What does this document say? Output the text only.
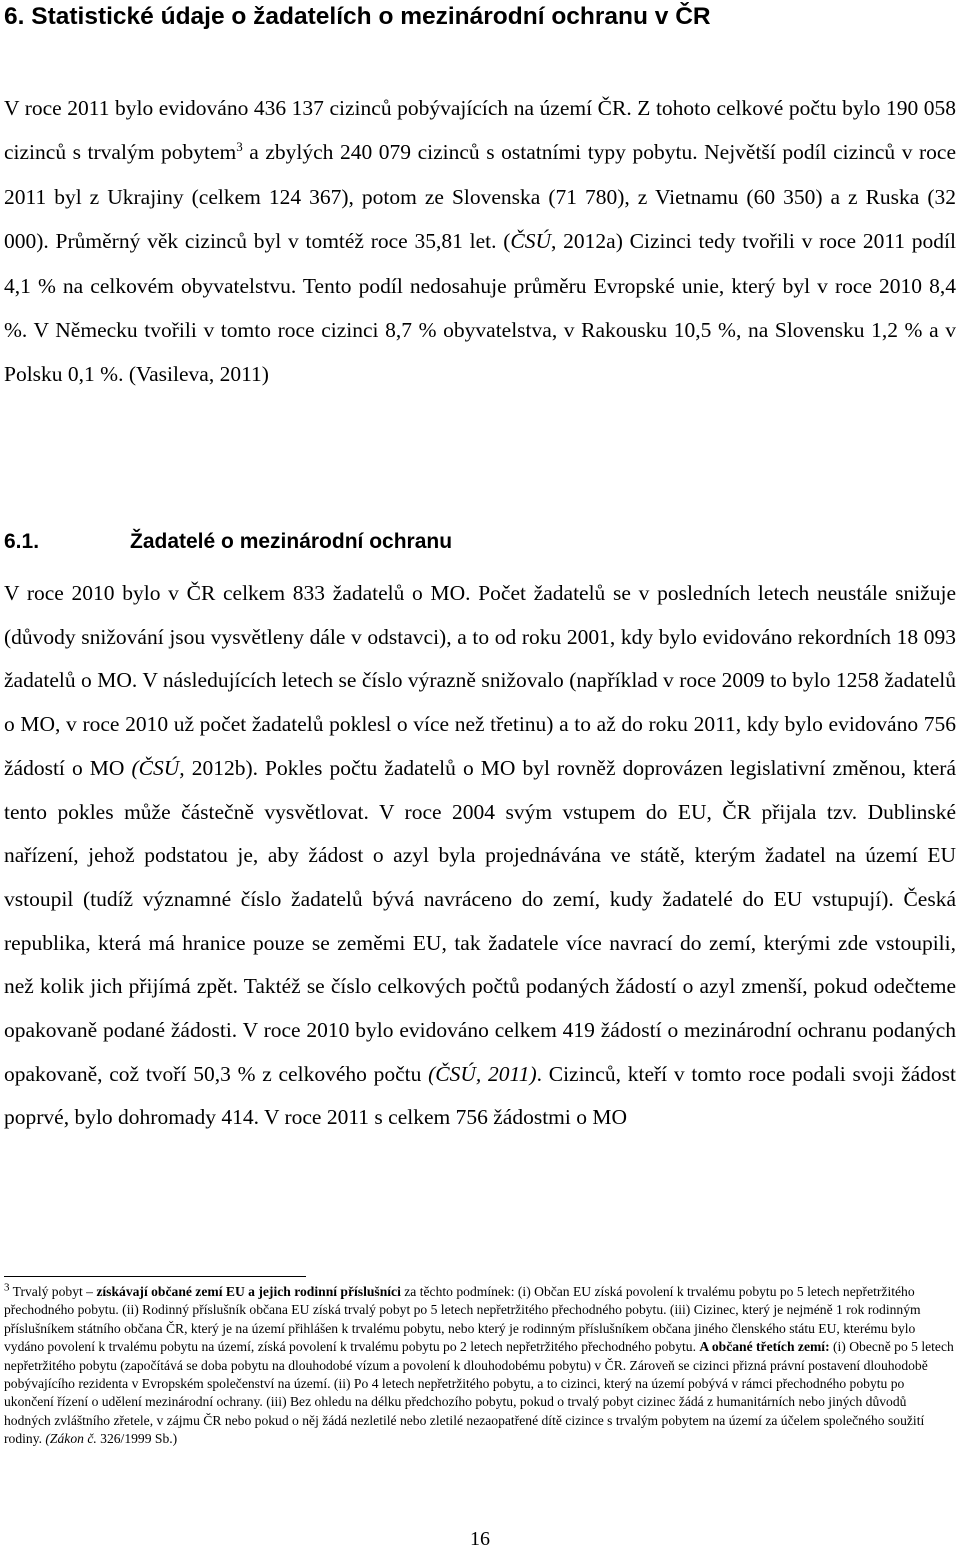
6. Statistické údaje o žadatelích o mezinárodní ochranu v ČR
V roce 2011 bylo evidováno 436 137 cizinců pobývajících na území ČR. Z tohoto celkové počtu bylo 190 058 cizinců s trvalým pobytem$^3$ a zbylých 240 079 cizinců s ostatními typy pobytu. Největší podíl cizinců v roce 2011 byl z Ukrajiny (celkem 124 367), potom ze Slovenska (71 780), z Vietnamu (60 350) a z Ruska (32 000). Průměrný věk cizinců byl v tomtéž roce 35,81 let. (ČSÚ, 2012a) Cizinci tedy tvořili v roce 2011 podíl 4,1 % na celkovém obyvatelstvu. Tento podíl nedosahuje průměru Evropské unie, který byl v roce 2010 8,4 %. V Německu tvořili v tomto roce cizinci 8,7 % obyvatelstva, v Rakousku 10,5 %, na Slovensku 1,2 % a v Polsku 0,1 %. (Vasileva, 2011)
6.1.	Žadatelé o mezinárodní ochranu
V roce 2010 bylo v ČR celkem 833 žadatelů o MO. Počet žadatelů se v posledních letech neustále snižuje (důvody snižování jsou vysvětleny dále v odstavci), a to od roku 2001, kdy bylo evidováno rekordních 18 093 žadatelů o MO. V následujících letech se číslo výrazně snižovalo (například v roce 2009 to bylo 1258 žadatelů o MO, v roce 2010 už počet žadatelů poklesl o více než třetinu) a to až do roku 2011, kdy bylo evidováno 756 žádostí o MO (ČSÚ, 2012b). Pokles počtu žadatelů o MO byl rovněž doprovázen legislativní změnou, která tento pokles může částečně vysvětlovat. V roce 2004 svým vstupem do EU, ČR přijala tzv. Dublinské nařízení, jehož podstatou je, aby žádost o azyl byla projednávána ve státě, kterým žadatel na území EU vstoupil (tudíž významné číslo žadatelů bývá navráceno do zemí, kudy žadatelé do EU vstupují). Česká republika, která má hranice pouze se zeměmi EU, tak žadatele více navrací do zemí, kterými zde vstoupili, než kolik jich přijímá zpět. Taktéž se číslo celkových počtů podaných žádostí o azyl zmenší, pokud odečteme opakovaně podané žádosti. V roce 2010 bylo evidováno celkem 419 žádostí o mezinárodní ochranu podaných opakovaně, což tvoří 50,3 % z celkového počtu (ČSÚ, 2011). Cizinců, kteří v tomto roce podali svoji žádost poprvé, bylo dohromady 414. V roce 2011 s celkem 756 žádostmi o MO
$^3$ Trvalý pobyt – získávají občané zemí EU a jejich rodinní příslušníci za těchto podmínek: (i) Občan EU získá povolení k trvalému pobytu po 5 letech nepřetržitého přechodného pobytu. (ii) Rodinný příslušník občana EU získá trvalý pobyt po 5 letech nepřetržitého přechodného pobytu. (iii) Cizinec, který je nejméně 1 rok rodinným příslušníkem státního občana ČR, který je na území přihlášen k trvalému pobytu, nebo který je rodinným příslušníkem občana jiného členského státu EU, kterému bylo vydáno povolení k trvalému pobytu na území, získá povolení k trvalému pobytu po 2 letech nepřetržitého přechodného pobytu. A občané třetích zemí: (i) Obecně po 5 letech nepřetržitého pobytu (započítává se doba pobytu na dlouhodobé vízum a povolení k dlouhodobému pobytu) v ČR. Zároveň se cizinci přizná právní postavení dlouhodobě pobývajícího rezidenta v Evropském společenství na území. (ii) Po 4 letech nepřetržitého pobytu, a to cizinci, který na území pobývá v rámci přechodného pobytu po ukončení řízení o udělení mezinárodní ochrany. (iii) Bez ohledu na délku předchozího pobytu, pokud o trvalý pobyt cizinec žádá z humanitárních nebo jiných důvodů hodných zvláštního zřetele, v zájmu ČR nebo pokud o něj žádá nezletilé nebo zletilé nezaopatřené dítě cizince s trvalým pobytem na území za účelem společného soužití rodiny. (Zákon č. 326/1999 Sb.)
16
